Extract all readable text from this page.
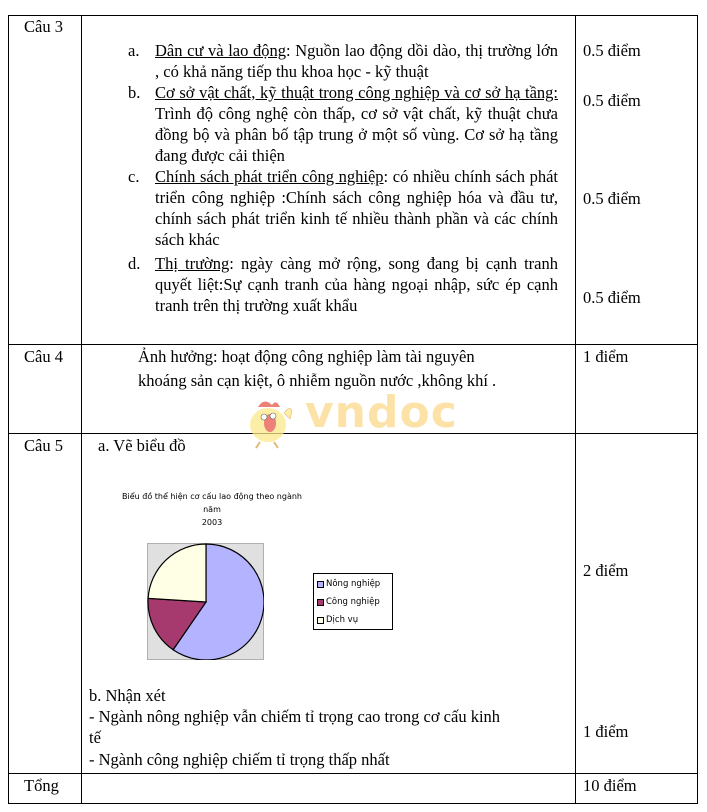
Câu 3
a. Dân cư và lao động: Nguồn lao động dồi dào, thị trường lớn , có khả năng tiếp thu khoa học - kỹ thuật
b. Cơ sở vật chất, kỹ thuật trong công nghiệp và cơ sở hạ tầng: Trình độ công nghệ còn thấp, cơ sở vật chất, kỹ thuật chưa đồng bộ và phân bố tập trung ở một số vùng. Cơ sở hạ tầng đang được cải thiện
c. Chính sách phát triển công nghiệp: có nhiều chính sách phát triển công nghiệp :Chính sách công nghiệp hóa và đầu tư, chính sách phát triển kinh tế nhiều thành phần và các chính sách khác
d. Thị trường: ngày càng mở rộng, song đang bị cạnh tranh quyết liệt:Sự cạnh tranh của hàng ngoại nhập, sức ép cạnh tranh trên thị trường xuất khẩu
0.5 điểm
0.5 điểm
0.5 điểm
0.5 điểm
Câu 4	Ảnh hưởng: hoạt động công nghiệp làm tài nguyên
khoáng sản cạn kiệt, ô nhiễm nguồn nước ,không khí .
1 điểm
vndoc
Câu 5 a. Vẽ biểu đồ
Biểu đồ thể hiện cơ cấu lao động theo ngành năm
2003
Nông nghiệp
Công nghiệp
Dịch vụ
2 điểm
b. Nhận xét
- Ngành nông nghiệp vẫn chiếm tỉ trọng cao trong cơ cấu kinh
tế
- Ngành công nghiệp chiếm tỉ trọng thấp nhất
1 điểm
Tổng	10 điểm
